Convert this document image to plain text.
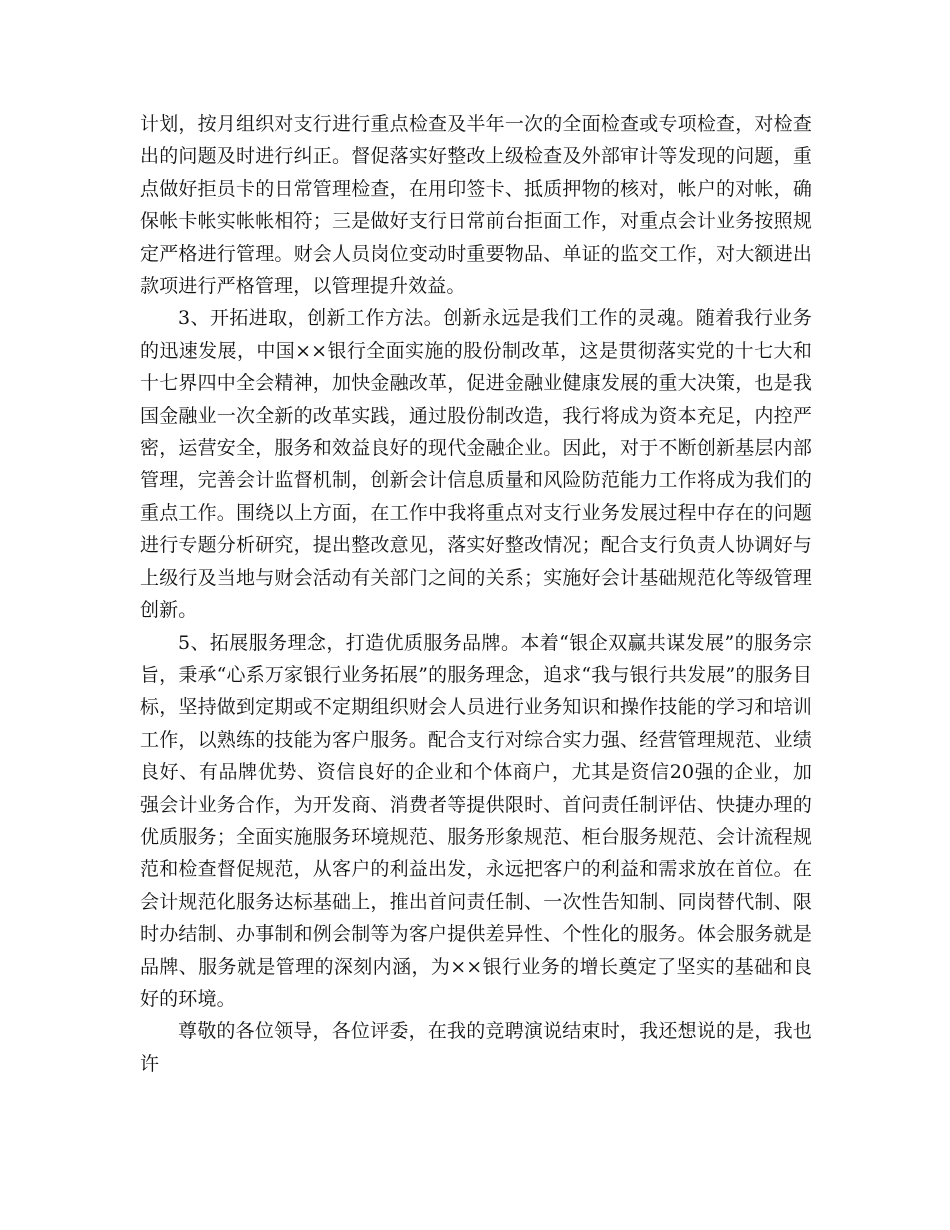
计划，按月组织对支行进行重点检查及半年一次的全面检查或专项检查，对检查出的问题及时进行纠正。督促落实好整改上级检查及外部审计等发现的问题，重点做好拒员卡的日常管理检查，在用印签卡、抵质押物的核对，帐户的对帐，确保帐卡帐实帐帐相符；三是做好支行日常前台拒面工作，对重点会计业务按照规定严格进行管理。财会人员岗位变动时重要物品、单证的监交工作，对大额进出款项进行严格管理，以管理提升效益。

3、开拓进取，创新工作方法。创新永远是我们工作的灵魂。随着我行业务的迅速发展，中国××银行全面实施的股份制改革，这是贯彻落实党的十七大和十七界四中全会精神，加快金融改革，促进金融业健康发展的重大决策，也是我国金融业一次全新的改革实践，通过股份制改造，我行将成为资本充足，内控严密，运营安全，服务和效益良好的现代金融企业。因此，对于不断创新基层内部管理，完善会计监督机制，创新会计信息质量和风险防范能力工作将成为我们的重点工作。围绕以上方面，在工作中我将重点对支行业务发展过程中存在的问题进行专题分析研究，提出整改意见，落实好整改情况；配合支行负责人协调好与上级行及当地与财会活动有关部门之间的关系；实施好会计基础规范化等级管理创新。

5、拓展服务理念，打造优质服务品牌。本着“银企双赢共谋发展”的服务宗旨，秉承“心系万家银行业务拓展”的服务理念，追求“我与银行共发展”的服务目标，坚持做到定期或不定期组织财会人员进行业务知识和操作技能的学习和培训工作，以熟练的技能为客户服务。配合支行对综合实力强、经营管理规范、业绩良好、有品牌优势、资信良好的企业和个体商户，尤其是资信20强的企业，加强会计业务合作，为开发商、消费者等提供限时、首问责任制评估、快捷办理的优质服务；全面实施服务环境规范、服务形象规范、柜台服务规范、会计流程规范和检查督促规范，从客户的利益出发，永远把客户的利益和需求放在首位。在会计规范化服务达标基础上，推出首问责任制、一次性告知制、同岗替代制、限时办结制、办事制和例会制等为客户提供差异性、个性化的服务。体会服务就是品牌、服务就是管理的深刻内涵，为××银行业务的增长奠定了坚实的基础和良好的环境。

尊敬的各位领导，各位评委，在我的竞聘演说结束时，我还想说的是，我也许
